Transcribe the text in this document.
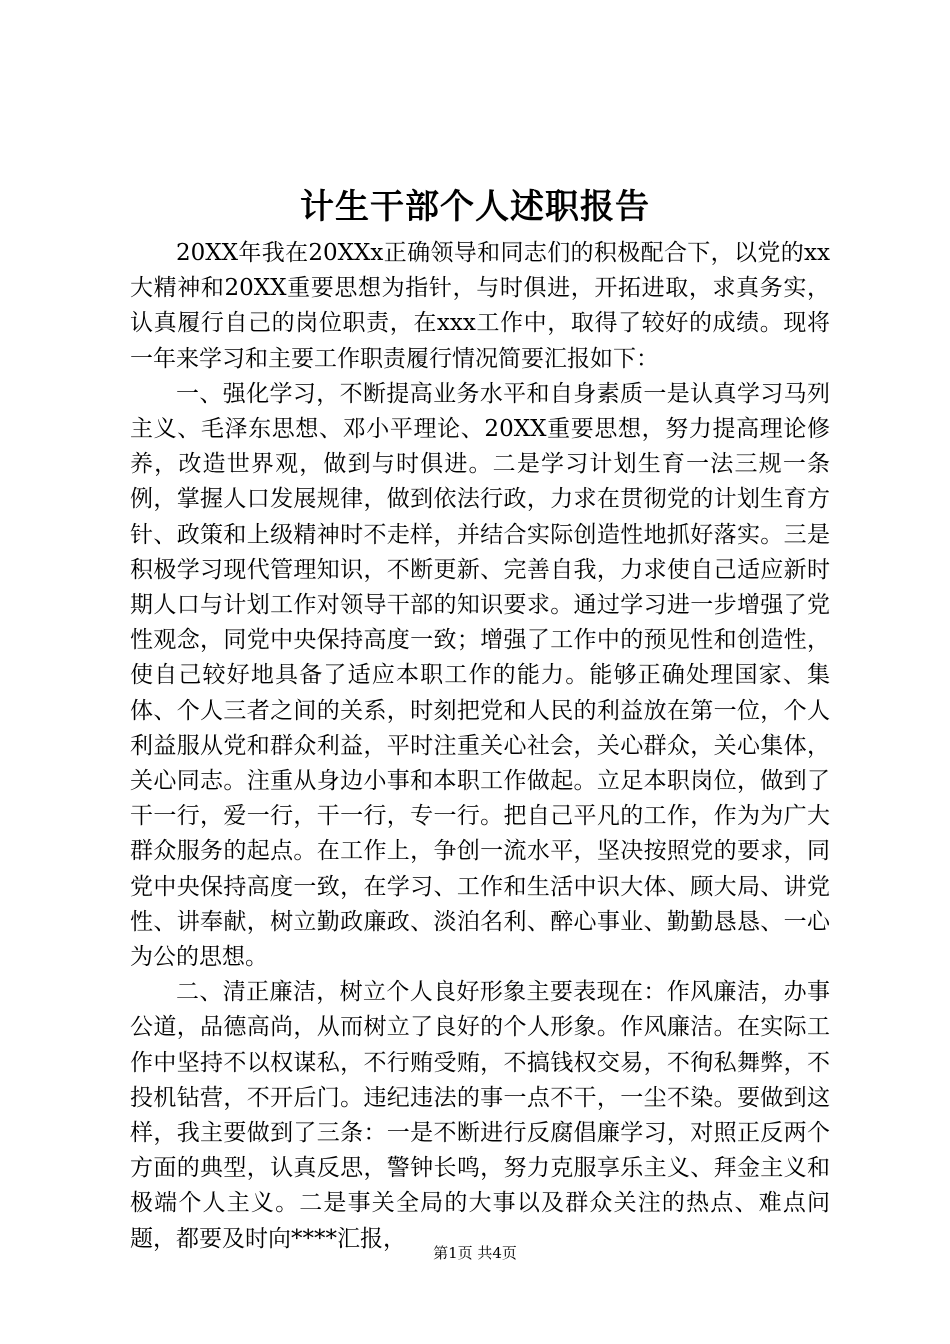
计生干部个人述职报告

20XX年我在20XXx正确领导和同志们的积极配合下，以党的xx大精神和20XX重要思想为指针，与时俱进，开拓进取，求真务实，认真履行自己的岗位职责，在xxx工作中，取得了较好的成绩。现将一年来学习和主要工作职责履行情况简要汇报如下：

一、强化学习，不断提高业务水平和自身素质一是认真学习马列主义、毛泽东思想、邓小平理论、20XX重要思想，努力提高理论修养，改造世界观，做到与时俱进。二是学习计划生育一法三规一条例，掌握人口发展规律，做到依法行政，力求在贯彻党的计划生育方针、政策和上级精神时不走样，并结合实际创造性地抓好落实。三是积极学习现代管理知识，不断更新、完善自我，力求使自己适应新时期人口与计划工作对领导干部的知识要求。通过学习进一步增强了党性观念，同党中央保持高度一致；增强了工作中的预见性和创造性，使自己较好地具备了适应本职工作的能力。能够正确处理国家、集体、个人三者之间的关系，时刻把党和人民的利益放在第一位，个人利益服从党和群众利益，平时注重关心社会，关心群众，关心集体，关心同志。注重从身边小事和本职工作做起。立足本职岗位，做到了干一行，爱一行，干一行，专一行。把自己平凡的工作，作为为广大群众服务的起点。在工作上，争创一流水平，坚决按照党的要求，同党中央保持高度一致，在学习、工作和生活中识大体、顾大局、讲党性、讲奉献，树立勤政廉政、淡泊名利、醉心事业、勤勤恳恳、一心为公的思想。

二、清正廉洁，树立个人良好形象主要表现在：作风廉洁，办事公道，品德高尚，从而树立了良好的个人形象。作风廉洁。在实际工作中坚持不以权谋私，不行贿受贿，不搞钱权交易，不徇私舞弊，不投机钻营，不开后门。违纪违法的事一点不干，一尘不染。要做到这样，我主要做到了三条：一是不断进行反腐倡廉学习，对照正反两个方面的典型，认真反思，警钟长鸣，努力克服享乐主义、拜金主义和极端个人主义。二是事关全局的大事以及群众关注的热点、难点问题，都要及时向****汇报，

第1页 共4页
